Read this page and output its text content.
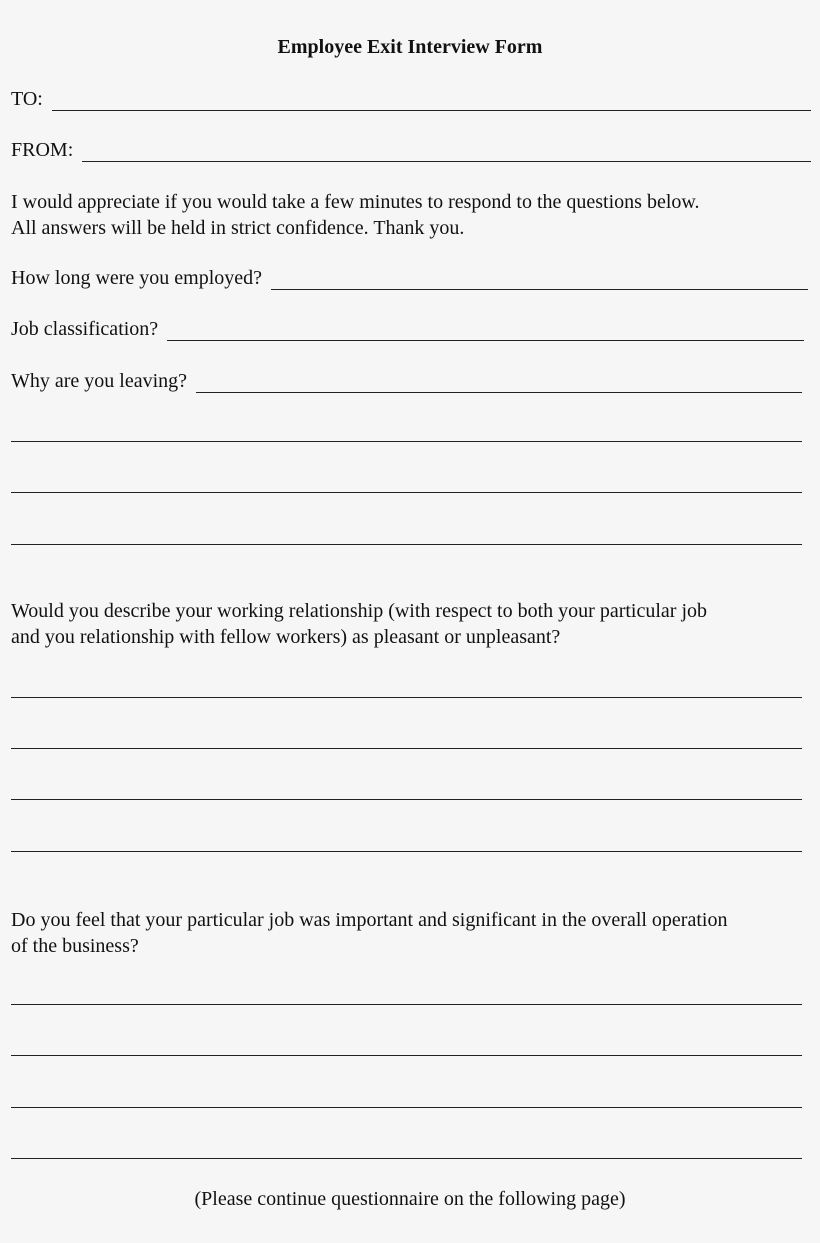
Employee Exit Interview Form
TO:
FROM:
I would appreciate if you would take a few minutes to respond to the questions below.
All answers will be held in strict confidence. Thank you.
How long were you employed?
Job classification?
Why are you leaving?
Would you describe your working relationship (with respect to both your particular job
and you relationship with fellow workers) as pleasant or unpleasant?
Do you feel that your particular job was important and significant in the overall operation
of the business?
(Please continue questionnaire on the following page)
